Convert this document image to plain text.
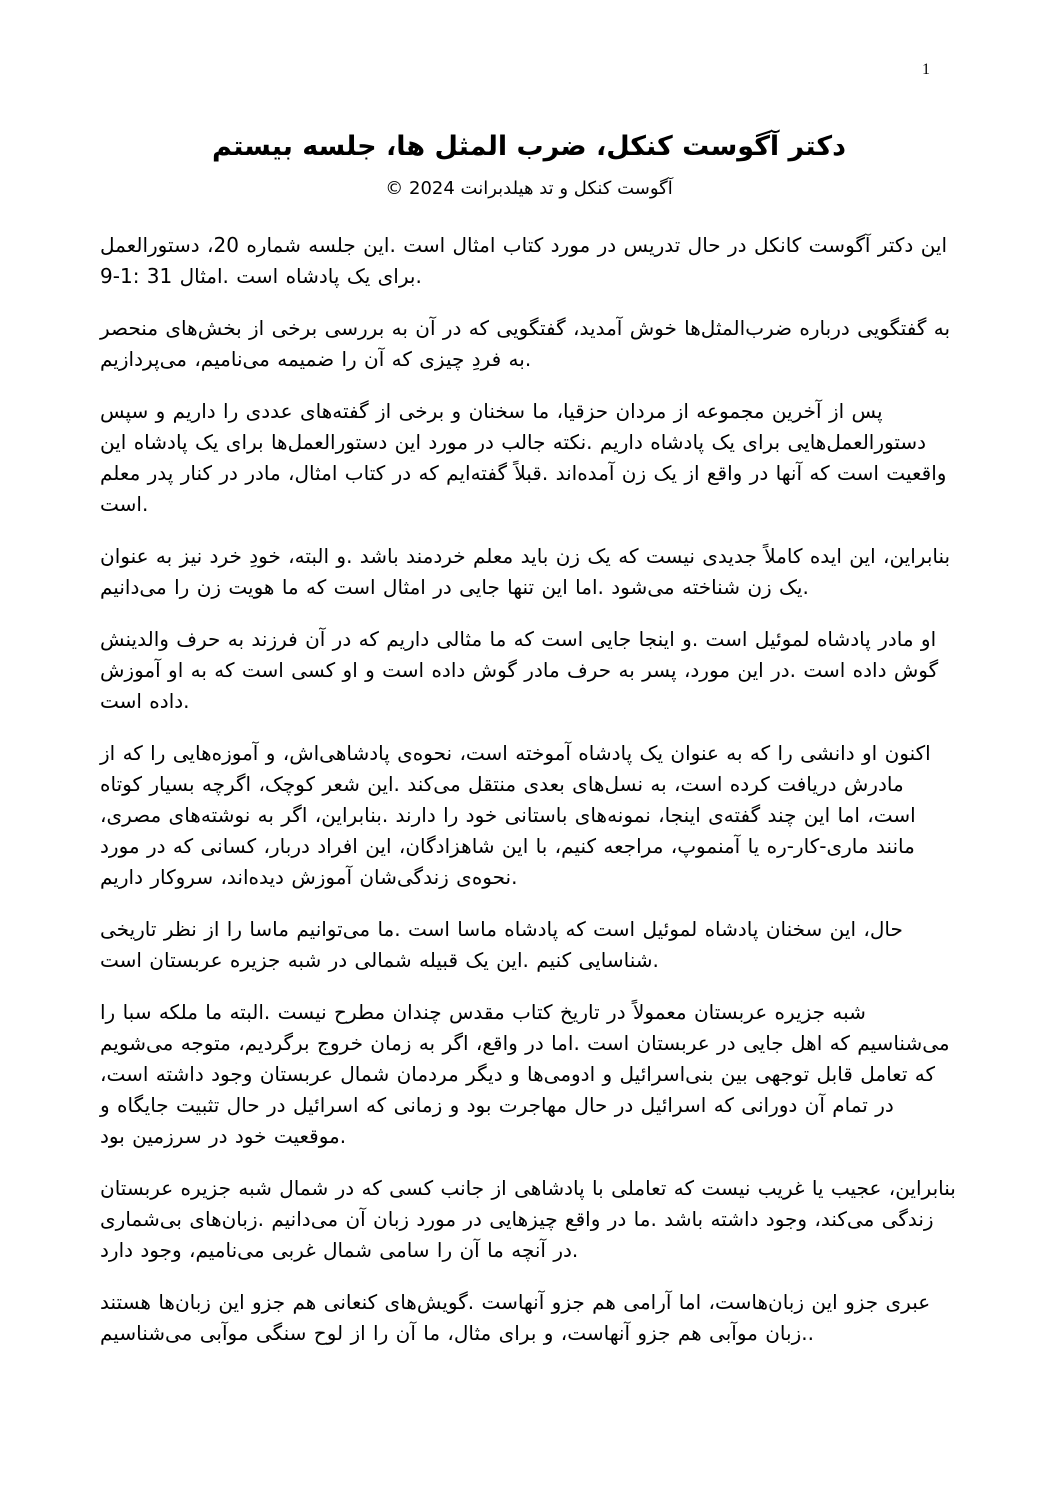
1
دکتر آگوست کنکل، ضرب المثل ها، جلسه بیستم
آگوست کنکل و تد هیلدبرانت 2024 ©

این دکتر آگوست کانکل در حال تدریس در مورد کتاب امثال است .این جلسه شماره 20، دستورالعمل برای یک پادشاه است .امثال 31 :1-9.

به گفتگویی درباره ضرب‌المثل‌ها خوش آمدید، گفتگویی که در آن به بررسی برخی از بخش‌های منحصر به فردِ چیزی که آن را ضمیمه می‌نامیم، می‌پردازیم.

پس از آخرین مجموعه از مردان حزقیا، ما سخنان و برخی از گفته‌های عددی را داریم و سپس دستورالعمل‌هایی برای یک پادشاه داریم .نکته جالب در مورد این دستورالعمل‌ها برای یک پادشاه این واقعیت است که آنها در واقع از یک زن آمده‌اند .قبلاً گفته‌ایم که در کتاب امثال، مادر در کنار پدر معلم است.

بنابراین، این ایده کاملاً جدیدی نیست که یک زن باید معلم خردمند باشد .و البته، خودِ خرد نیز به عنوان یک زن شناخته می‌شود .اما این تنها جایی در امثال است که ما هویت زن را می‌دانیم.

او مادر پادشاه لموئیل است .و اینجا جایی است که ما مثالی داریم که در آن فرزند به حرف والدینش گوش داده است .در این مورد، پسر به حرف مادر گوش داده است و او کسی است که به او آموزش داده است.

اکنون او دانشی را که به عنوان یک پادشاه آموخته است، نحوه‌ی پادشاهی‌اش، و آموزه‌هایی را که از مادرش دریافت کرده است، به نسل‌های بعدی منتقل می‌کند .این شعر کوچک، اگرچه بسیار کوتاه است، اما این چند گفته‌ی اینجا، نمونه‌های باستانی خود را دارند .بنابراین، اگر به نوشته‌های مصری، مانند ماری-کار-ره یا آمنموپ، مراجعه کنیم، با این شاهزادگان، این افراد دربار، کسانی که در مورد نحوه‌ی زندگی‌شان آموزش دیده‌اند، سروکار داریم.

حال، این سخنان پادشاه لموئیل است که پادشاه ماسا است .ما می‌توانیم ماسا را از نظر تاریخی شناسایی کنیم .این یک قبیله شمالی در شبه جزیره عربستان است.

شبه جزیره عربستان معمولاً در تاریخ کتاب مقدس چندان مطرح نیست .البته ما ملکه سبا را می‌شناسیم که اهل جایی در عربستان است .اما در واقع، اگر به زمان خروج برگردیم، متوجه می‌شویم که تعامل قابل توجهی بین بنی‌اسرائیل و ادومی‌ها و دیگر مردمان شمال عربستان وجود داشته است، در تمام آن دورانی که اسرائیل در حال مهاجرت بود و زمانی که اسرائیل در حال تثبیت جایگاه و موقعیت خود در سرزمین بود.

بنابراین، عجیب یا غریب نیست که تعاملی با پادشاهی از جانب کسی که در شمال شبه جزیره عربستان زندگی می‌کند، وجود داشته باشد .ما در واقع چیزهایی در مورد زبان آن می‌دانیم .زبان‌های بی‌شماری در آنچه ما آن را سامی شمال غربی می‌نامیم، وجود دارد.

عبری جزو این زبان‌هاست، اما آرامی هم جزو آنهاست .گویش‌های کنعانی هم جزو این زبان‌ها هستند .زبان موآبی هم جزو آنهاست، و برای مثال، ما آن را از لوح سنگی موآبی می‌شناسیم.
